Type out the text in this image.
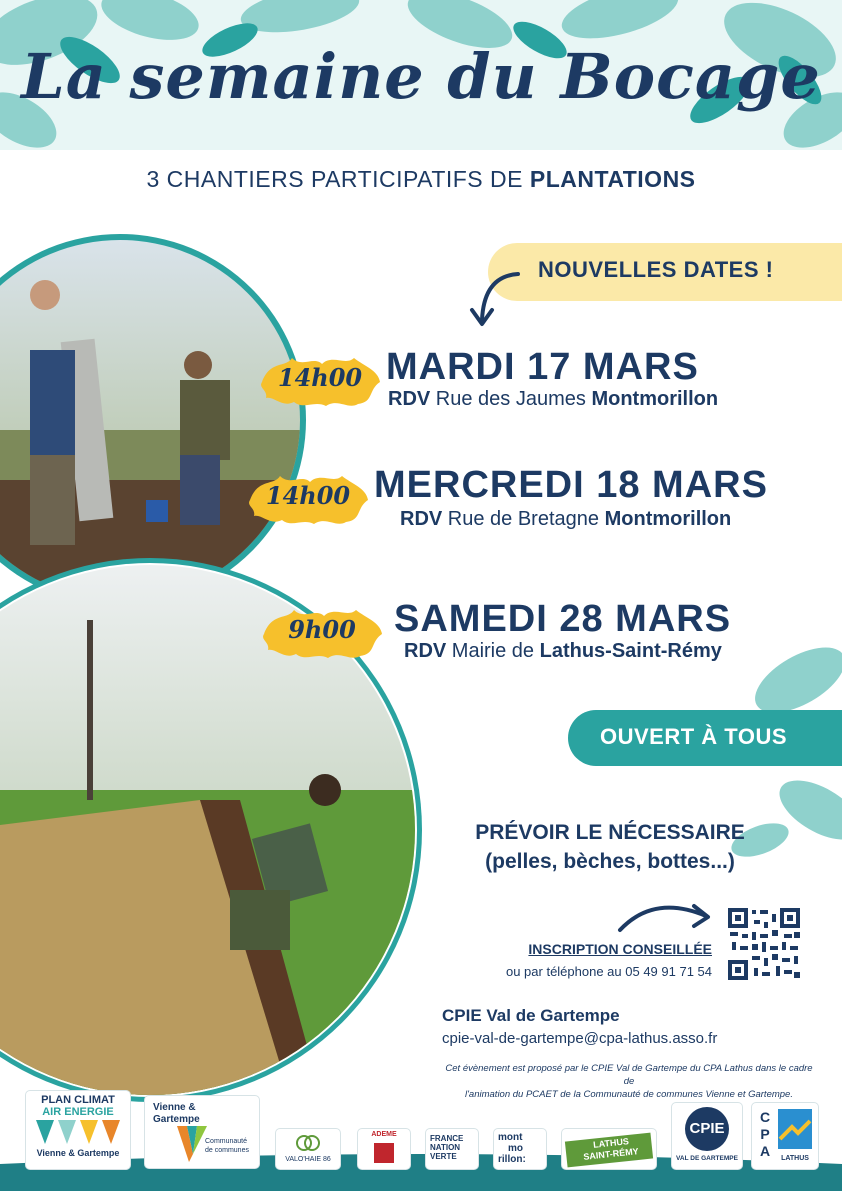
La semaine du Bocage
3 CHANTIERS PARTICIPATIFS DE PLANTATIONS
NOUVELLES DATES !
14h00 MARDI 17 MARS
RDV Rue des Jaumes Montmorillon
14h00 MERCREDI 18 MARS
RDV Rue de Bretagne Montmorillon
9h00	SAMEDI 28 MARS
RDV Mairie de Lathus-Saint-Rémy
OUVERT À TOUS
PRÉVOIR LE NÉCESSAIRE
(pelles, bèches, bottes...)
INSCRIPTION CONSEILLÉE
ou par téléphone au 05 49 91 71 54
CPIE Val de Gartempe
cpie-val-de-gartempe@cpa-lathus.asso.fr
Cet évènement est proposé par le CPIE Val de Gartempe du CPA Lathus dans le cadre de
l'animation du PCAET de la Communauté de communes Vienne et Gartempe.
PLAN CLIMAT
AIR ENERGIE
Vienne & Gartempe
Vienne &
Gartempe
Communauté
de communes
VALO'HAIE 86
ADEME	FRANCE
NATION
VERTE
mont
mo
rillon:
LATHUS
SAINT-RÉMY
CPIE
VAL DE GARTEMPE
CPA	LATHUS
